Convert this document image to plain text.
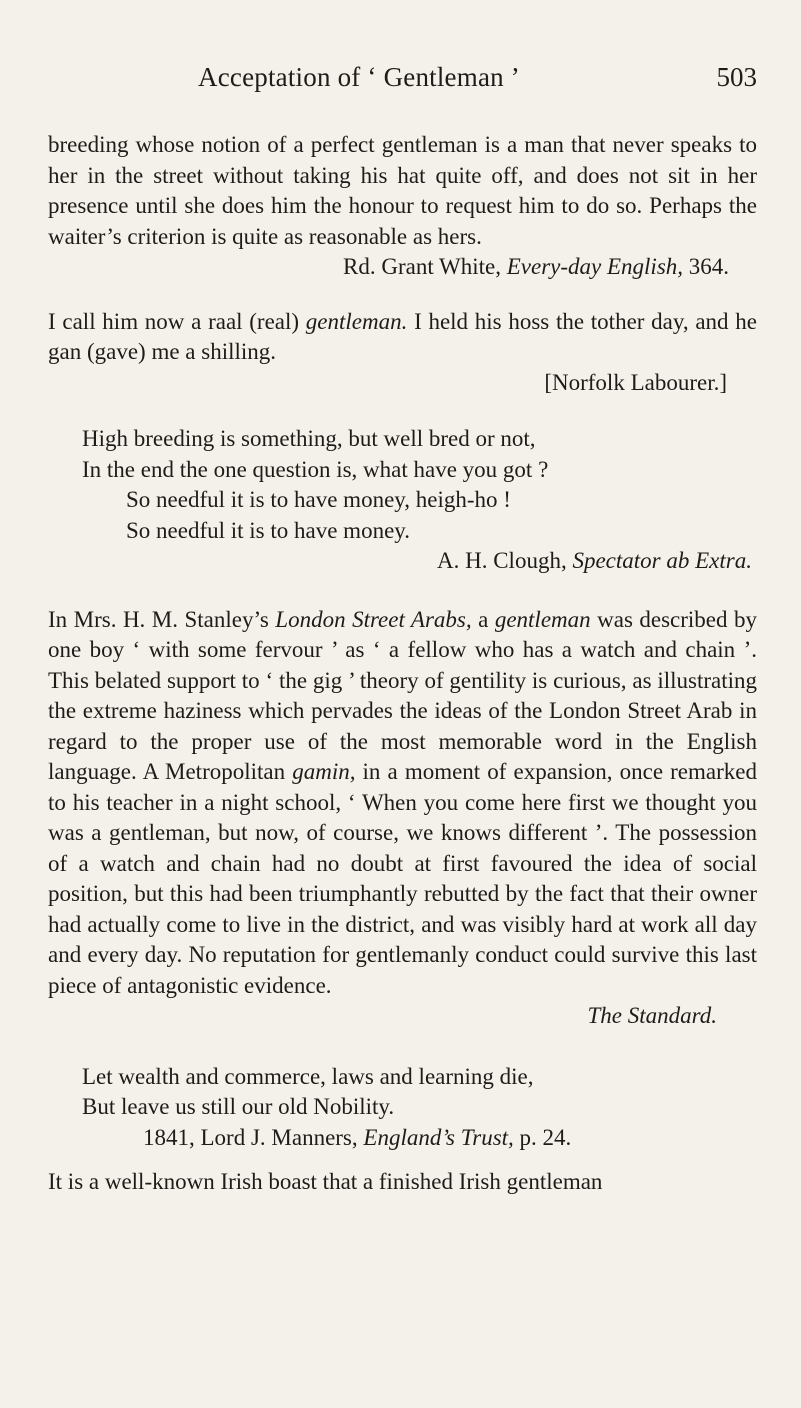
Acceptation of ‘ Gentleman ’	503

breeding whose notion of a perfect gentleman is a man that never speaks to her in the street without taking his hat quite off, and does not sit in her presence until she does him the honour to request him to do so. Perhaps the waiter’s criterion is quite as reasonable as hers.

Rd. Grant White, Every-day English, 364.

I call him now a raal (real) gentleman. I held his hoss the tother day, and he gan (gave) me a shilling.

[Norfolk Labourer.]
High breeding is something, but well bred or not,
In the end the one question is, what have you got ?
So needful it is to have money, heigh-ho !
So needful it is to have money.
A. H. Clough, Spectator ab Extra.

In Mrs. H. M. Stanley’s London Street Arabs, a gentleman was described by one boy ‘ with some fervour ’ as ‘ a fellow who has a watch and chain ’. This belated support to ‘ the gig ’ theory of gentility is curious, as illustrating the extreme haziness which pervades the ideas of the London Street Arab in regard to the proper use of the most memorable word in the English language. A Metropolitan gamin, in a moment of expansion, once remarked to his teacher in a night school, ‘ When you come here first we thought you was a gentleman, but now, of course, we knows different ’. The possession of a watch and chain had no doubt at first favoured the idea of social position, but this had been triumphantly rebutted by the fact that their owner had actually come to live in the district, and was visibly hard at work all day and every day. No reputation for gentlemanly conduct could survive this last piece of antagonistic evidence.

The Standard.
Let wealth and commerce, laws and learning die,
But leave us still our old Nobility.
1841, Lord J. Manners, England’s Trust, p. 24.

It is a well-known Irish boast that a finished Irish gentleman
